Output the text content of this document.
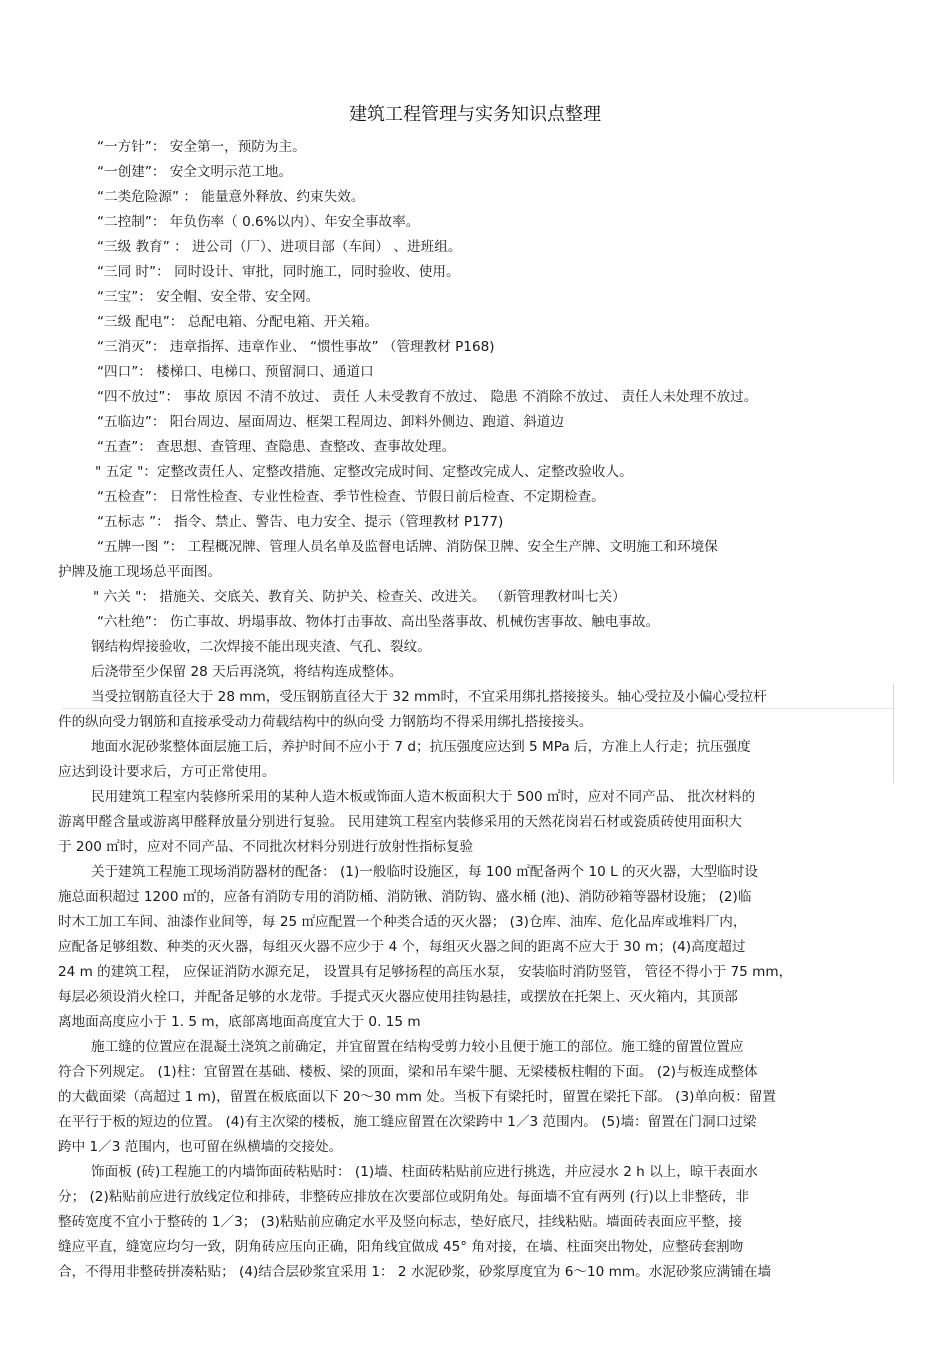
建筑工程管理与实务知识点整理
“一方针”： 安全第一，预防为主。
“一创建”： 安全文明示范工地。
“二类危险源” ： 能量意外释放、约束失效。
“二控制”： 年负伤率（ 0.6%以内）、年安全事故率。
“三级 教育” ： 进公司（厂）、进项目部（车间） 、进班组。
“三同 时”： 同时设计、审批，同时施工，同时验收、使用。
“三宝”： 安全帽、安全带、安全网。
“三级 配电”： 总配电箱、分配电箱、开关箱。
“三消灭”： 违章指挥、违章作业、 “惯性事故” （管理教材 P168)
“四口”： 楼梯口、电梯口、预留洞口、通道口
“四不放过”： 事故 原因 不清不放过、 责任 人未受教育不放过、 隐患 不消除不放过、 责任人未处理不放过。
“五临边”： 阳台周边、屋面周边、框架工程周边、卸料外侧边、跑道、斜道边
“五查”： 查思想、查管理、查隐患、查整改、查事故处理。
" 五定 "：定整改责任人、定整改措施、定整改完成时间、定整改完成人、定整改验收人。
“五检查”： 日常性检查、专业性检查、季节性检查、节假日前后检查、不定期检查。
“五标志 ”： 指令、禁止、警告、电力安全、提示（管理教材 P177)
“五牌一图 ”： 工程概况牌、管理人员名单及监督电话牌、消防保卫牌、安全生产牌、文明施工和环境保
护牌及施工现场总平面图。
" 六关 "： 措施关、交底关、教育关、防护关、检查关、改进关。 （新管理教材叫七关）
“六杜绝”： 伤亡事故、坍塌事故、物体打击事故、高出坠落事故、机械伤害事故、触电事故。
钢结构焊接验收，二次焊接不能出现夹渣、气孔、裂纹。
后浇带至少保留 28 天后再浇筑，将结构连成整体。
当受拉钢筋直径大于 28 mm，受压钢筋直径大于 32 mm时，不宜采用绑扎搭接接头。轴心受拉及小偏心受拉杆
件的纵向受力钢筋和直接承受动力荷载结构中的纵向受 力钢筋均不得采用绑扎搭接接头。
地面水泥砂浆整体面层施工后，养护时间不应小于 7 d；抗压强度应达到 5 MPa 后，方准上人行走；抗压强度
应达到设计要求后，方可正常使用。
民用建筑工程室内装修所采用的某种人造木板或饰面人造木板面积大于 500 ㎡时，应对不同产品、 批次材料的
游离甲醛含量或游离甲醛释放量分别进行复验。 民用建筑工程室内装修采用的天然花岗岩石材或瓷质砖使用面积大
于 200 ㎡时，应对不同产品、不同批次材料分别进行放射性指标复验
关于建筑工程施工现场消防器材的配备： (1)一般临时设施区，每 100 ㎡配备两个 10 L 的灭火器，大型临时设
施总面积超过 1200 ㎡的，应备有消防专用的消防桶、消防锹、消防钩、盛水桶 (池)、消防砂箱等器材设施； (2)临
时木工加工车间、油漆作业间等，每 25 ㎡应配置一个种类合适的灭火器； (3)仓库、油库、危化品库或堆料厂内，
应配备足够组数、种类的灭火器，每组灭火器不应少于 4 个，每组灭火器之间的距离不应大于 30 m；(4)高度超过
24 m 的建筑工程， 应保证消防水源充足， 设置具有足够扬程的高压水泵， 安装临时消防竖管， 管径不得小于 75 mm，
每层必须设消火栓口，并配备足够的水龙带。手提式灭火器应使用挂钩悬挂，或摆放在托架上、灭火箱内，其顶部
离地面高度应小于 1. 5 m，底部离地面高度宜大于 0. 15 m
施工缝的位置应在混凝土浇筑之前确定，并宜留置在结构受剪力较小且便于施工的部位。施工缝的留置位置应
符合下列规定。 (1)柱：宜留置在基础、楼板、梁的顶面，梁和吊车梁牛腿、无梁楼板柱帽的下面。 (2)与板连成整体
的大截面梁（高超过 1 m)，留置在板底面以下 20～30 mm 处。当板下有梁托时，留置在梁托下部。 (3)单向板：留置
在平行于板的短边的位置。 (4)有主次梁的楼板，施工缝应留置在次梁跨中 1／3 范围内。 (5)墙：留置在门洞口过梁
跨中 1／3 范围内，也可留在纵横墙的交接处。
饰面板 (砖)工程施工的内墙饰面砖粘贴时： (1)墙、柱面砖粘贴前应进行挑选，并应浸水 2 h 以上，晾干表面水
分； (2)粘贴前应进行放线定位和排砖，非整砖应排放在次要部位或阴角处。每面墙不宜有两列 (行)以上非整砖，非
整砖宽度不宜小于整砖的 1／3； (3)粘贴前应确定水平及竖向标志，垫好底尺，挂线粘贴。墙面砖表面应平整，接
缝应平直，缝宽应均匀一致，阴角砖应压向正确，阳角线宜做成 45° 角对接，在墙、柱面突出物处，应整砖套割吻
合，不得用非整砖拼凑粘贴； (4)结合层砂浆宜采用 1： 2 水泥砂浆，砂浆厚度宜为 6～10 mm。水泥砂浆应满铺在墙
